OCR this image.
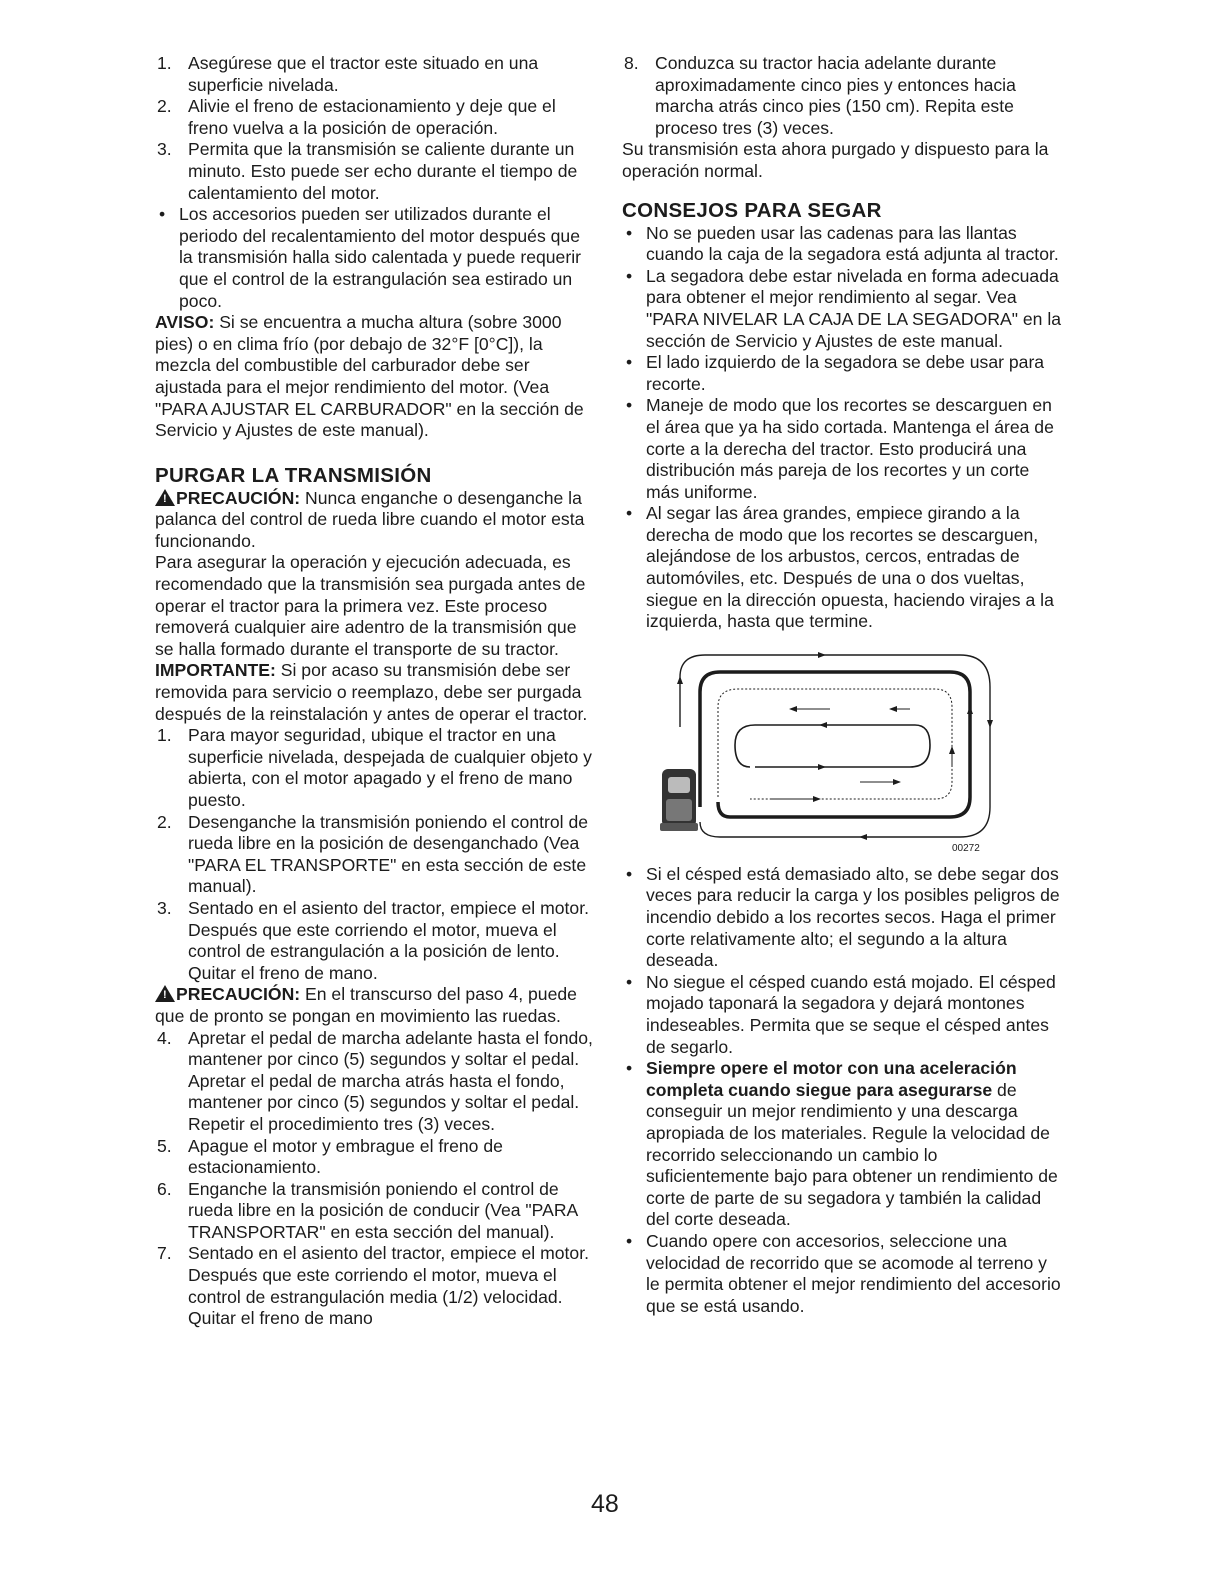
1. Asegúrese que el tractor este situado en una superficie nivelada.
2. Alivie el freno de estacionamiento y deje que el freno vuelva a la posición de operación.
3. Permita que la transmisión se caliente durante un minuto. Esto puede ser echo durante el tiempo de calentamiento del motor.
• Los accesorios pueden ser utilizados durante el periodo del recalentamiento del motor después que la transmisión halla sido calentada y puede requerir que el control de la estrangulación sea estirado un poco.

AVISO: Si se encuentra a mucha altura (sobre 3000 pies) o en clima frío (por debajo de 32°F [0°C]), la mezcla del combustible del carburador debe ser ajustada para el mejor rendimiento del motor. (Vea "PARA AJUSTAR EL CARBURADOR" en la sección de Servicio y Ajustes de este manual).

PURGAR LA TRANSMISIÓN

! PRECAUCIÓN: Nunca enganche o desenganche la palanca del control de rueda libre cuando el motor esta funcionando.

Para asegurar la operación y ejecución adecuada, es recomendado que la transmisión sea purgada antes de operar el tractor para la primera vez. Este proceso removerá cualquier aire adentro de la transmisión que se halla formado durante el transporte de su tractor.

IMPORTANTE: Si por acaso su transmisión debe ser removida para servicio o reemplazo, debe ser purgada después de la reinstalación y antes de operar el tractor.

1. Para mayor seguridad, ubique el tractor en una superficie nivelada, despejada de cualquier objeto y abierta, con el motor apagado y el freno de mano puesto.
2. Desenganche la transmisión poniendo el control de rueda libre en la posición de desenganchado (Vea "PARA EL TRANSPORTE" en esta sección de este manual).
3. Sentado en el asiento del tractor, empiece el motor. Después que este corriendo el motor, mueva el control de estrangulación a la posición de lento. Quitar el freno de mano.

! PRECAUCIÓN: En el transcurso del paso 4, puede que de pronto se pongan en movimiento las ruedas.

4. Apretar el pedal de marcha adelante hasta el fondo, mantener por cinco (5) segundos y soltar el pedal. Apretar el pedal de marcha atrás hasta el fondo, mantener por cinco (5) segundos y soltar el pedal. Repetir el procedimiento tres (3) veces.
5. Apague el motor y embrague el freno de estacionamiento.
6. Enganche la transmisión poniendo el control de rueda libre en la posición de conducir (Vea "PARA TRANSPORTAR" en esta sección del manual).
7. Sentado en el asiento del tractor, empiece el motor. Después que este corriendo el motor, mueva el control de estrangulación media (1/2) velocidad. Quitar el freno de mano
8. Conduzca su tractor hacia adelante durante aproximadamente cinco pies y entonces hacia marcha atrás cinco pies (150 cm). Repita este proceso tres (3) veces.

Su transmisión esta ahora purgado y dispuesto para la operación normal.

CONSEJOS PARA SEGAR
• No se pueden usar las cadenas para las llantas cuando la caja de la segadora está adjunta al tractor.
• La segadora debe estar nivelada en forma adecuada para obtener el mejor rendimiento al segar. Vea "PARA NIVELAR LA CAJA DE LA SEGADORA" en la sección de Servicio y Ajustes de este manual.
• El lado izquierdo de la segadora se debe usar para recorte.
• Maneje de modo que los recortes se descarguen en el área que ya ha sido cortada. Mantenga el área de corte a la derecha del tractor. Esto producirá una distribución más pareja de los recortes y un corte más uniforme.
• Al segar las área grandes, empiece girando a la derecha de modo que los recortes se descarguen, alejándose de los arbustos, cercos, entradas de automóviles, etc. Después de una o dos vueltas, siegue en la dirección opuesta, haciendo virajes a la izquierda, hasta que termine.
00272
• Si el césped está demasiado alto, se debe segar dos veces para reducir la carga y los posibles peligros de incendio debido a los recortes secos. Haga el primer corte relativamente alto; el segundo a la altura deseada.
• No siegue el césped cuando está mojado. El césped mojado taponará la segadora y dejará montones indeseables. Permita que se seque el césped antes de segarlo.
• Siempre opere el motor con una aceleración completa cuando siegue para asegurarse de conseguir un mejor rendimiento y una descarga apropiada de los materiales. Regule la velocidad de recorrido seleccionando un cambio lo suficientemente bajo para obtener un rendimiento de corte de parte de su segadora y también la calidad del corte deseada.
• Cuando opere con accesorios, seleccione una velocidad de recorrido que se acomode al terreno y le permita obtener el mejor rendimiento del accesorio que se está usando.
48
